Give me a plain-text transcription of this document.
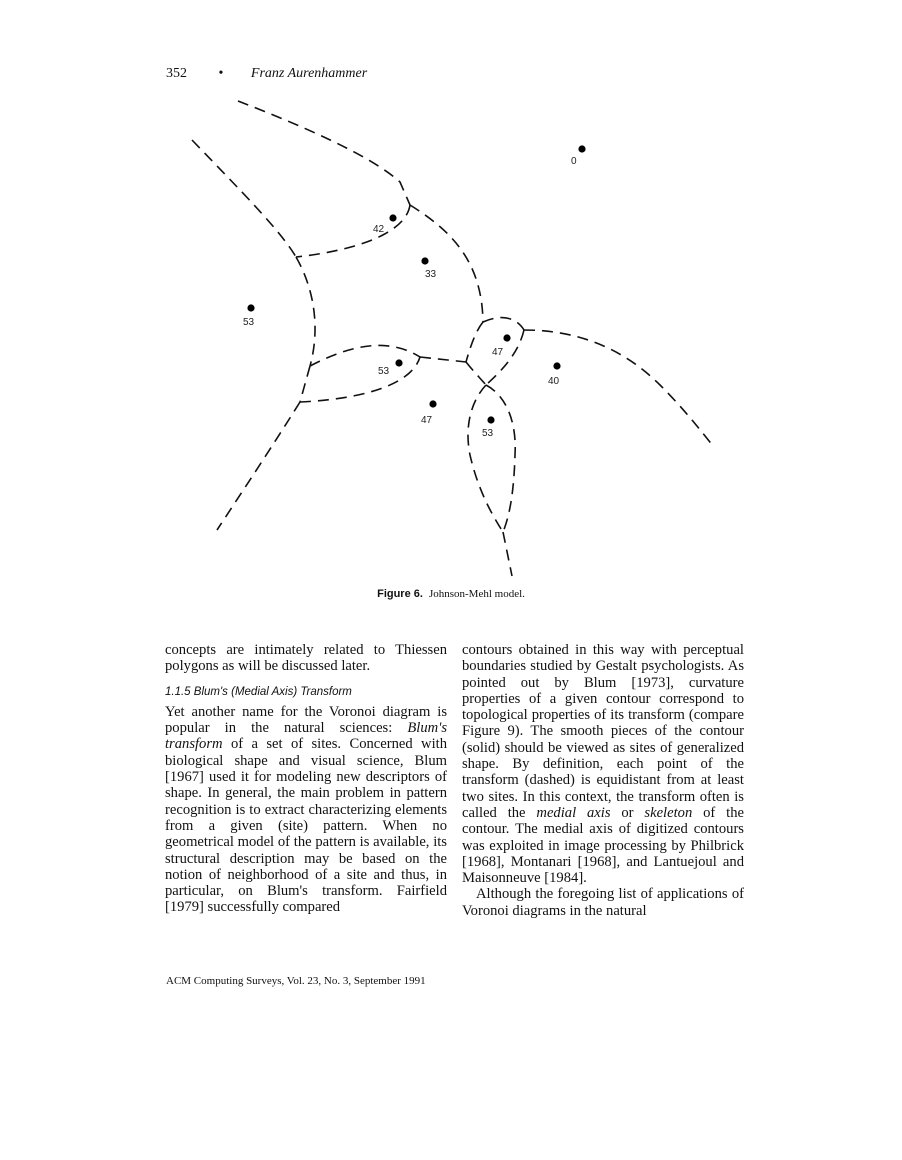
352 • Franz Aurenhammer
0
42
33
53
47
53
40
47
53
Figure 6. Johnson-Mehl model.

concepts are intimately related to Thiessen polygons as will be discussed later.

1.1.5 Blum's (Medial Axis) Transform

Yet another name for the Voronoi diagram is popular in the natural sciences: Blum's transform of a set of sites. Concerned with biological shape and visual science, Blum [1967] used it for modeling new descriptors of shape. In general, the main problem in pattern recognition is to extract characterizing elements from a given (site) pattern. When no geometrical model of the pattern is available, its structural description may be based on the notion of neighborhood of a site and thus, in particular, on Blum's transform. Fairfield [1979] successfully compared

contours obtained in this way with perceptual boundaries studied by Gestalt psychologists. As pointed out by Blum [1973], curvature properties of a given contour correspond to topological properties of its transform (compare Figure 9). The smooth pieces of the contour (solid) should be viewed as sites of generalized shape. By definition, each point of the transform (dashed) is equidistant from at least two sites. In this context, the transform often is called the medial axis or skeleton of the contour. The medial axis of digitized contours was exploited in image processing by Philbrick [1968], Montanari [1968], and Lantuejoul and Maisonneuve [1984].

Although the foregoing list of applications of Voronoi diagrams in the natural

ACM Computing Surveys, Vol. 23, No. 3, September 1991
